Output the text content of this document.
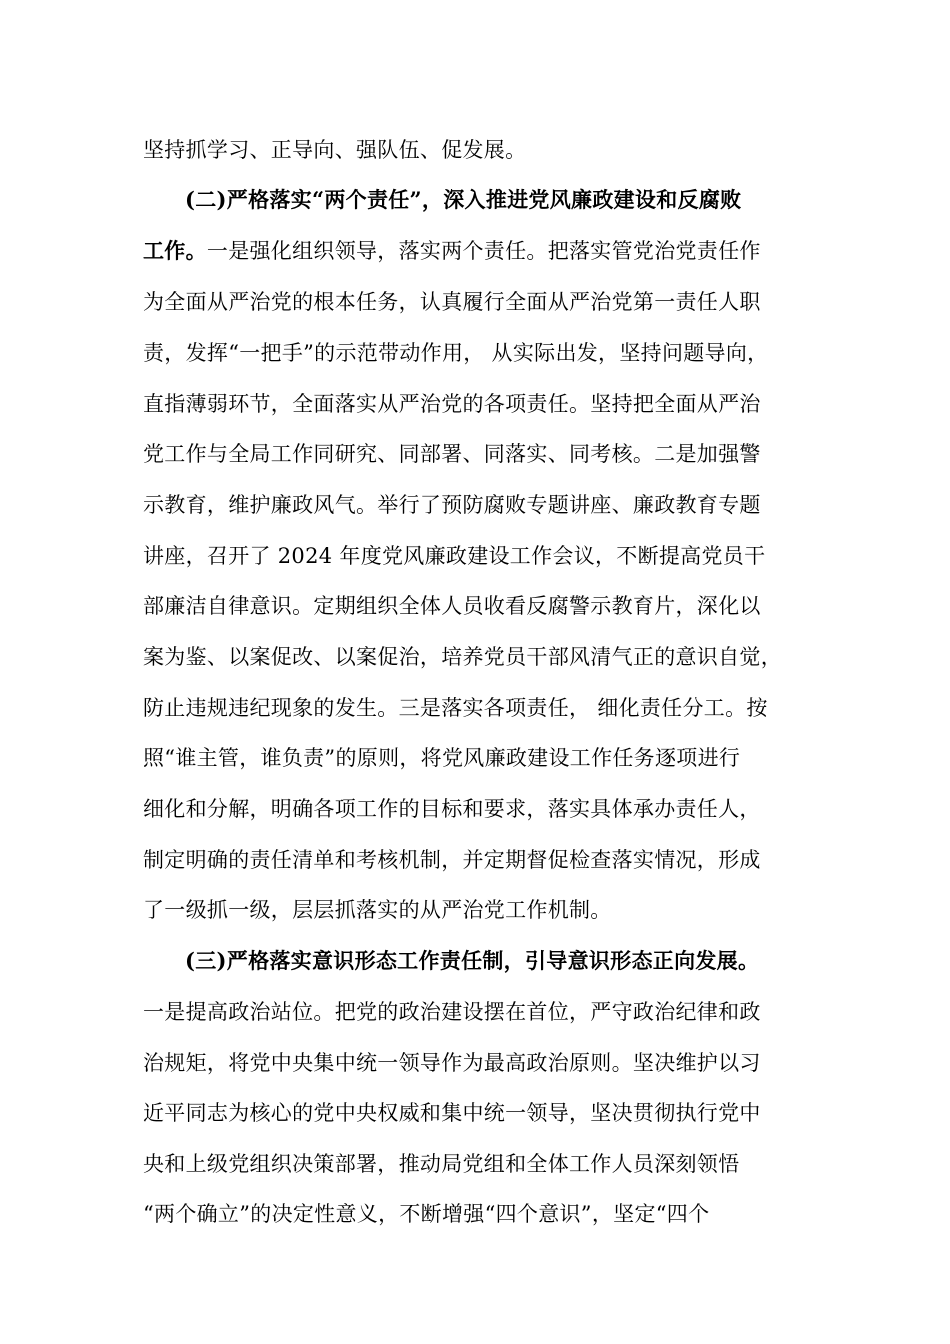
坚持抓学习、正导向、强队伍、促发展。
(二)严格落实“两个责任”，深入推进党风廉政建设和反腐败
工作。一是强化组织领导，落实两个责任。把落实管党治党责任作
为全面从严治党的根本任务，认真履行全面从严治党第一责任人职
责，发挥“一把手”的示范带动作用， 从实际出发，坚持问题导向，
直指薄弱环节，全面落实从严治党的各项责任。坚持把全面从严治
党工作与全局工作同研究、同部署、同落实、同考核。二是加强警
示教育，维护廉政风气。举行了预防腐败专题讲座、廉政教育专题
讲座，召开了 2024 年度党风廉政建设工作会议，不断提高党员干
部廉洁自律意识。定期组织全体人员收看反腐警示教育片，深化以
案为鉴、以案促改、以案促治，培养党员干部风清气正的意识自觉，
防止违规违纪现象的发生。三是落实各项责任， 细化责任分工。按
照“谁主管，谁负责”的原则，将党风廉政建设工作任务逐项进行
细化和分解，明确各项工作的目标和要求，落实具体承办责任人，
制定明确的责任清单和考核机制，并定期督促检查落实情况，形成
了一级抓一级，层层抓落实的从严治党工作机制。
(三)严格落实意识形态工作责任制，引导意识形态正向发展。
一是提高政治站位。把党的政治建设摆在首位，严守政治纪律和政
治规矩，将党中央集中统一领导作为最高政治原则。坚决维护以习
近平同志为核心的党中央权威和集中统一领导，坚决贯彻执行党中
央和上级党组织决策部署，推动局党组和全体工作人员深刻领悟
“两个确立”的决定性意义，不断增强“四个意识”，坚定“四个
